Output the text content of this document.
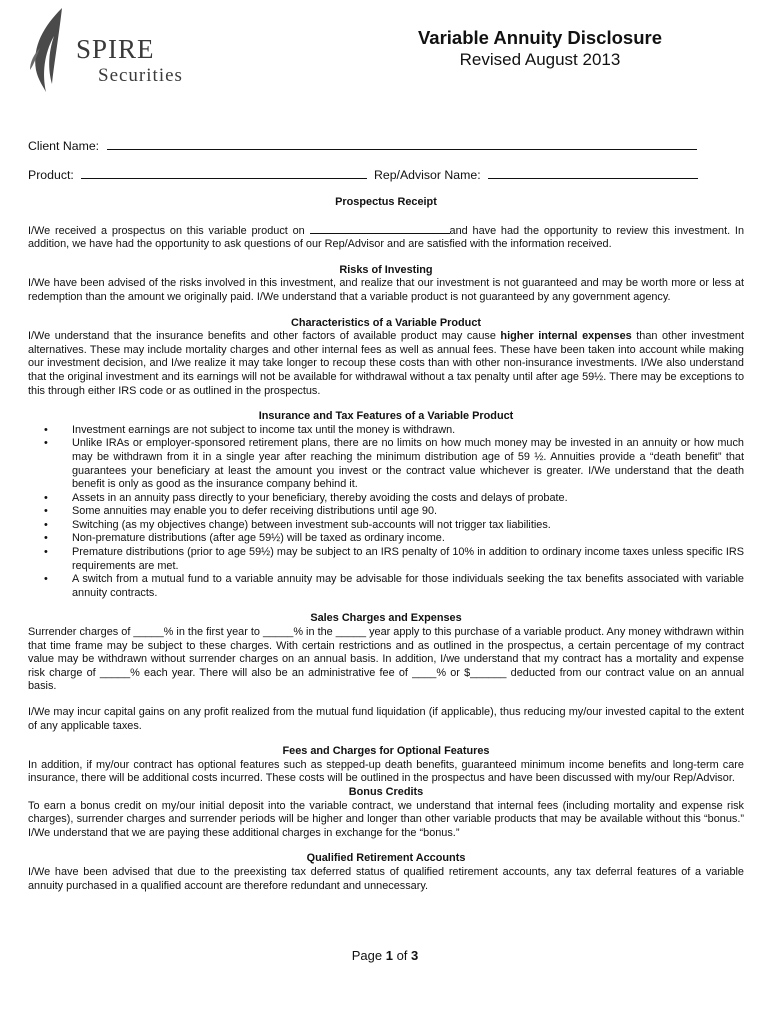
SPIRE
Securities
Variable Annuity Disclosure
Revised August 2013
Client Name:
Product:	Rep/Advisor Name:
Prospectus Receipt

I/We received a prospectus on this variable product on	and have had the opportunity to review this investment. In addition, we have had the opportunity to ask questions of our Rep/Advisor and are satisfied with the information received.

Risks of Investing

I/We have been advised of the risks involved in this investment, and realize that our investment is not guaranteed and may be worth more or less at redemption than the amount we originally paid. I/We understand that a variable product is not guaranteed by any government agency.

Characteristics of a Variable Product

I/We understand that the insurance benefits and other factors of available product may cause higher internal expenses than other investment alternatives. These may include mortality charges and other internal fees as well as annual fees. These have been taken into account while making our investment decision, and I/we realize it may take longer to recoup these costs than with other non-insurance investments. I/We also understand that the original investment and its earnings will not be available for withdrawal without a tax penalty until after age 59½. There may be exceptions to this through either IRS code or as outlined in the prospectus.

Insurance and Tax Features of a Variable Product
• Investment earnings are not subject to income tax until the money is withdrawn.
• Unlike IRAs or employer-sponsored retirement plans, there are no limits on how much money may be invested in an annuity or how much may be withdrawn from it in a single year after reaching the minimum distribution age of 59 ½. Annuities provide a “death benefit” that guarantees your beneficiary at least the amount you invest or the contract value whichever is greater. I/We understand that the death benefit is only as good as the insurance company behind it.
• Assets in an annuity pass directly to your beneficiary, thereby avoiding the costs and delays of probate.
• Some annuities may enable you to defer receiving distributions until age 90.
• Switching (as my objectives change) between investment sub-accounts will not trigger tax liabilities.
• Non-premature distributions (after age 59½) will be taxed as ordinary income.
• Premature distributions (prior to age 59½) may be subject to an IRS penalty of 10% in addition to ordinary income taxes unless specific IRS requirements are met.
• A switch from a mutual fund to a variable annuity may be advisable for those individuals seeking the tax benefits associated with variable annuity contracts.
Sales Charges and Expenses

Surrender charges of _____% in the first year to _____% in the _____ year apply to this purchase of a variable product. Any money withdrawn within that time frame may be subject to these charges. With certain restrictions and as outlined in the prospectus, a certain percentage of my contract value may be withdrawn without surrender charges on an annual basis. In addition, I/we understand that my contract has a mortality and expense risk charge of _____% each year. There will also be an administrative fee of ____% or $______ deducted from our contract value on an annual basis.

I/We may incur capital gains on any profit realized from the mutual fund liquidation (if applicable), thus reducing my/our invested capital to the extent of any applicable taxes.

Fees and Charges for Optional Features

In addition, if my/our contract has optional features such as stepped-up death benefits, guaranteed minimum income benefits and long-term care insurance, there will be additional costs incurred. These costs will be outlined in the prospectus and have been discussed with my/our Rep/Advisor.

Bonus Credits

To earn a bonus credit on my/our initial deposit into the variable contract, we understand that internal fees (including mortality and expense risk charges), surrender charges and surrender periods will be higher and longer than other variable products that may be available without this “bonus.” I/We understand that we are paying these additional charges in exchange for the “bonus.”

Qualified Retirement Accounts

I/We have been advised that due to the preexisting tax deferred status of qualified retirement accounts, any tax deferral features of a variable annuity purchased in a qualified account are therefore redundant and unnecessary.

Page 1 of 3
